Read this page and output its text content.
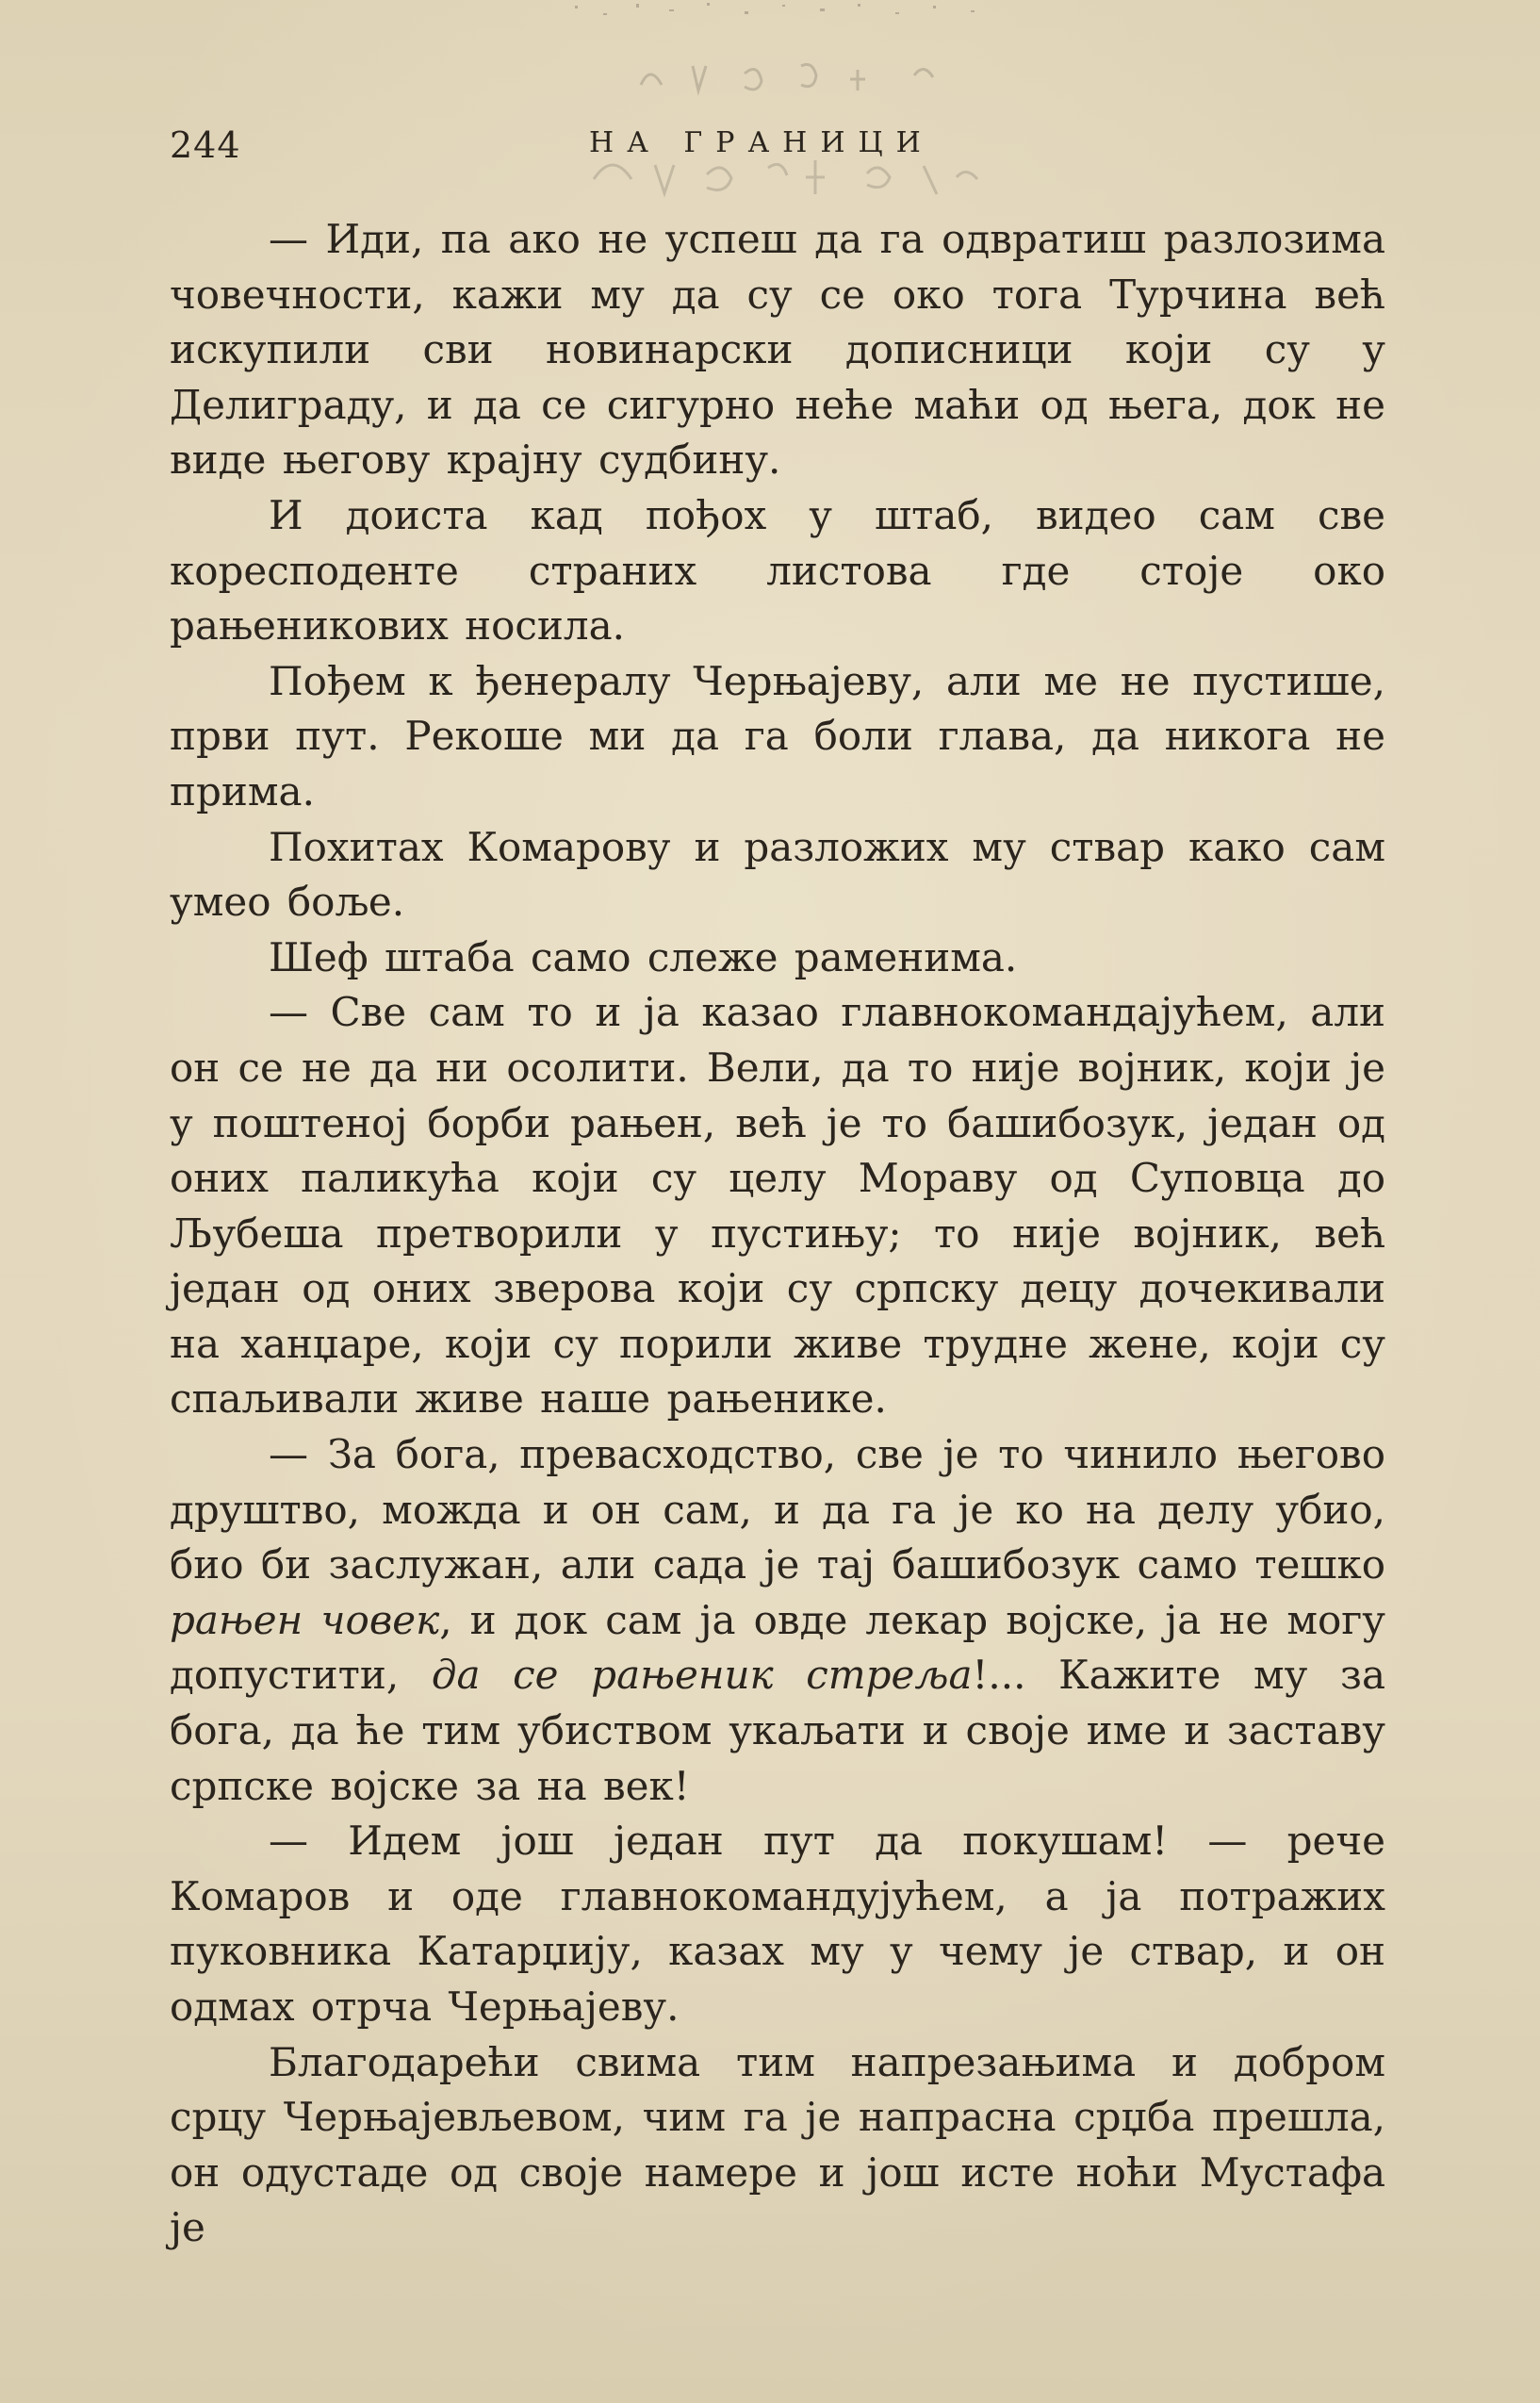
244	НА ГРАНИЦИ

— Иди, па ако не успеш да га одвратиш разлозима човечности, кажи му да су се око тога Турчина већ искупили сви новинарски дописници који су у Делиграду, и да се сигурно неће маћи од њега, док не виде његову крајну судбину.

И доиста кад пођох у штаб, видео сам све коресподенте страних листова где стоје око рањеникових носила.

Пођем к ђенералу Черњајеву, али ме не пустише, први пут. Рекоше ми да га боли глава, да никога не прима.

Похитах Комарову и разложих му ствар како сам умео боље.

Шеф штаба само слеже раменима.

— Све сам то и ја казао главнокомандајућем, али он се не да ни осолити. Вели, да то није војник, који је у поштеној борби рањен, већ је то башибозук, један од оних паликућа који су целу Мораву од Суповца до Љубеша претворили у пустињу; то није војник, већ један од оних зверова који су српску децу дочекивали на ханџаре, који су порили живе трудне жене, који су спаљивали живе наше рањенике.

— За бога, превасходство, све је то чинило његово друштво, можда и он сам, и да га је ко на делу убио, био би заслужан, али сада је тај башибозук само тешко рањен човек, и док сам ја овде лекар војске, ја не могу допустити, да се рањеник стреља!... Кажите му за бога, да ће тим убиством укаљати и своје име и заставу српске војске за на век!

— Идем још један пут да покушам! — рече Комаров и оде главнокомандујућем, а ја потражих пуковника Катарџију, казах му у чему је ствар, и он одмах отрча Черњајеву.

Благодарећи свима тим напрезањима и добром срцу Черњајевљевом, чим га је напрасна срџба прешла, он одустаде од своје намере и још исте ноћи Мустафа је
